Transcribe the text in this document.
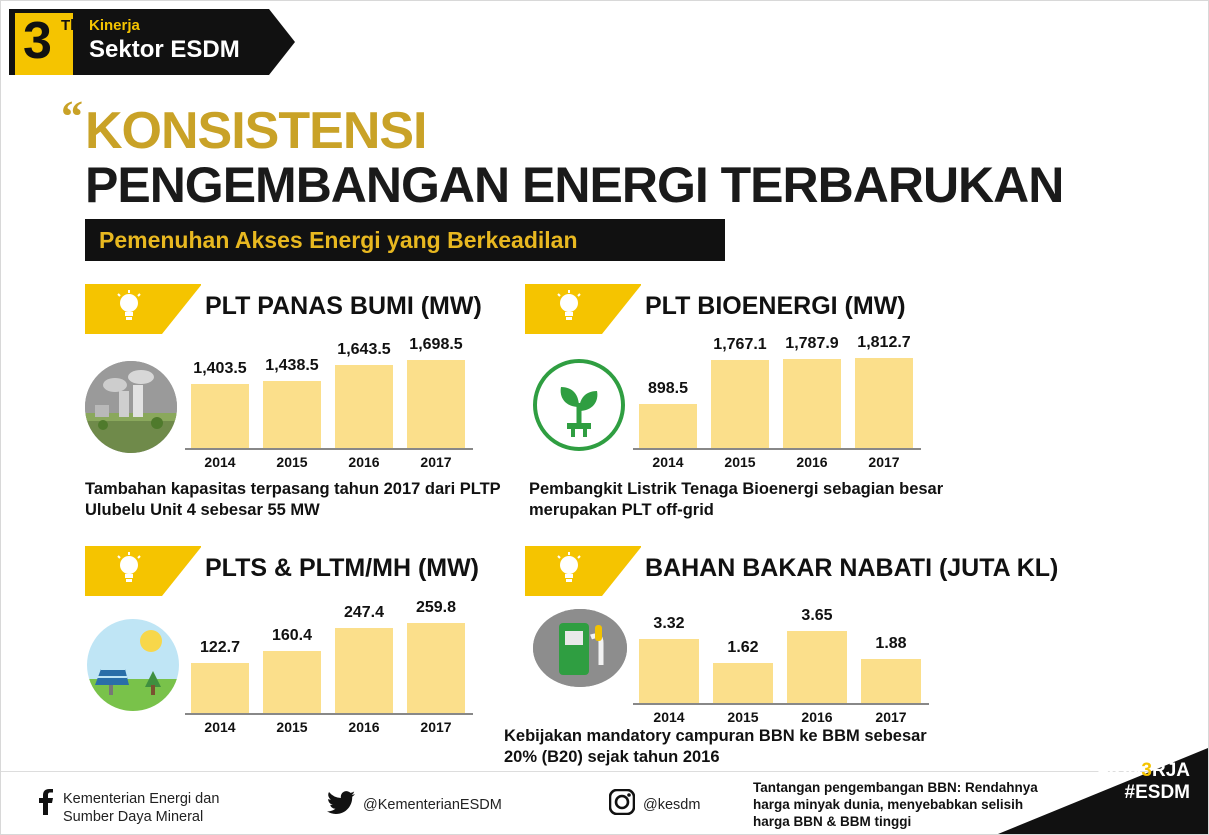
3 Th Kinerja
Sektor ESDM
“ KONSISTENSI
PENGEMBANGAN ENERGI TERBARUKAN
Pemenuhan Akses Energi yang Berkeadilan
PLT PANAS BUMI (MW)
1,403.5 1,438.5
1,643.5 1,698.5
2014	2015	2016	2017
Tambahan kapasitas terpasang tahun 2017 dari PLTP Ulubelu Unit 4 sebesar 55 MW
PLT BIOENERGI (MW)
898.5
1,767.1 1,787.9 1,812.7
2014	2015	2016	2017
Pembangkit Listrik Tenaga Bioenergi sebagian besar merupakan PLT off-grid
PLTS & PLTM/MH (MW)
122.7
160.4
247.4	259.8
2014	2015	2016	2017
BAHAN BAKAR NABATI (JUTA KL)
3.32
1.62
3.65
1.88
2014	2015	2016	2017
Kebijakan mandatory campuran BBN ke BBM sebesar 20% (B20) sejak tahun 2016
Tantangan pengembangan BBN: Rendahnya harga minyak dunia, menyebabkan selisih harga BBN & BBM tinggi
Kementerian Energi dan Sumber Daya Mineral
@KementerianESDM	@kesdm
#KIN3RJA
#ESDM
